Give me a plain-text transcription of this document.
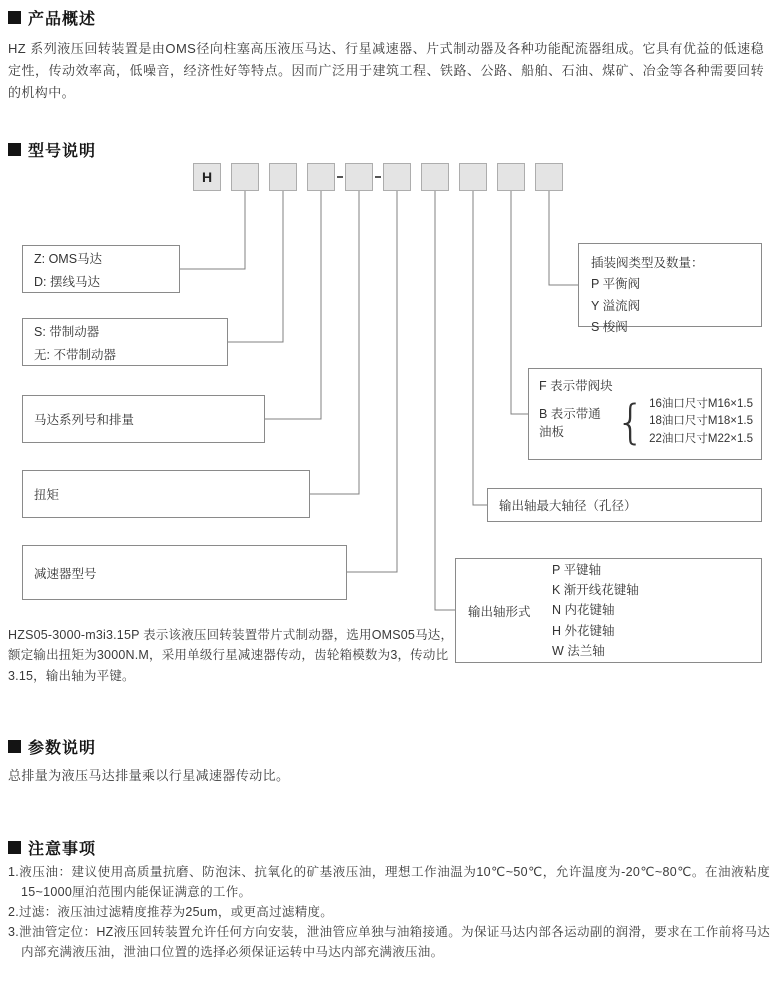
产品概述
HZ 系列液压回转装置是由OMS径向柱塞高压液压马达、行星减速器、片式制动器及各种功能配流器组成。它具有优益的低速稳定性，传动效率高，低噪音，经济性好等特点。因而广泛用于建筑工程、铁路、公路、船舶、石油、煤矿、冶金等各种需要回转的机构中。
型号说明
H
Z: OMS马达
D: 摆线马达
S: 带制动器
无: 不带制动器
马达系列号和排量
扭矩
减速器型号
插装阀类型及数量：
P 平衡阀
Y 溢流阀
S 梭阀
F 表示带阀块
B 表示带通油板	{ 16油口尺寸M16×1.5
18油口尺寸M18×1.5
22油口尺寸M22×1.5
输出轴最大轴径（孔径）
输出轴形式
P 平键轴
K 渐开线花键轴
N 内花键轴
H 外花键轴
W 法兰轴
HZS05-3000-m3i3.15P 表示该液压回转装置带片式制动器，选用OMS05马达，额定输出扭矩为3000N.M，采用单级行星减速器传动，齿轮箱模数为3，传动比3.15，输出轴为平键。
参数说明
总排量为液压马达排量乘以行星减速器传动比。
注意事项
1.液压油：建议使用高质量抗磨、防泡沫、抗氧化的矿基液压油，理想工作油温为10℃~50℃，允许温度为-20℃~80℃。在油液粘度15~1000厘泊范围内能保证满意的工作。
2.过滤：液压油过滤精度推荐为25um，或更高过滤精度。
3.泄油管定位：HZ液压回转装置允许任何方向安装，泄油管应单独与油箱接通。为保证马达内部各运动副的润滑，要求在工作前将马达内部充满液压油，泄油口位置的选择必须保证运转中马达内部充满液压油。
